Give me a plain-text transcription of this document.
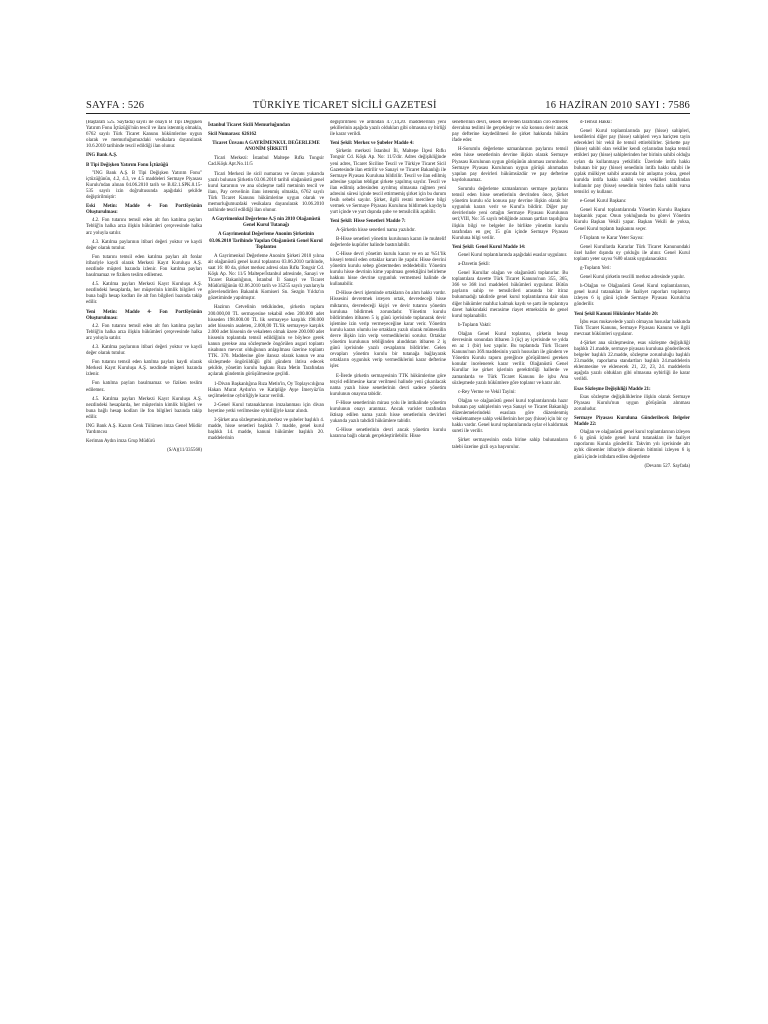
SAYFA : 526	TÜRKİYE TİCARET SİCİLİ GAZETESİ	16 HAZİRAN 2010 SAYI : 7586

(Baştarafı 525. Sayfada) sayılı ile onaylı B Tipi Değişken Yatırım Fonu İçtüzüğü'nün tescil ve ilanı istenmiş olmakla, 6762 sayılı Türk Ticaret Kanunu hükümlerine uygun olarak ve memurluğumuzdaki vesikalara dayanılarak 10.6.2010 tarihinde tescil edildiği ilan olunur.

ING Bank A.Ş.

B Tipi Değişken Yatırım Fonu İçtüzüğü

"ING Bank A.Ş. B Tipi Değişken Yatırım Fonu" içtüzüğünün, 4.2, 4.3, ve 4.5 maddeleri Sermaye Piyasası Kurulu'ndan alınan 04.06.2010 tarih ve B.02.1.SPK.0.15-535 sayılı izin doğrultusunda aşağıdaki şekilde değiştirilmiştir:

Eski Metin: Madde 4- Fon Portföyünün Oluşturulması:

4.2. Fon tutarını temsil eden alt fon katılma payları Tebliğ'in halka arza ilişkin hükümleri çerçevesinde halka arz yoluyla satılır.

4.3. Katılma paylarının itibari değeri yoktur ve kaydi değer olarak tutulur.

Fon tutarını temsil eden katılma payları alt fonlar itibariyle kaydi olarak Merkezi Kayıt Kuruluşu A.Ş. nezdinde müşteri bazında izlenir. Fon katılma payları basılmamaz ve fiziken teslim edilemez.

4.5. Katılma payları Merkezi Kayıt Kuruluşu A.Ş. nezdindeki hesaplarda, her müşterinin kimlik bilgileri ve buna bağlı hesap kodları ile alt fon bilgileri bazında takip edilir.

Yeni Metin: Madde 4- Fon Portföyünün Oluşturulması:

4.2. Fon tutarını temsil eden alt fon katılma payları Tebliğ'in halka arza ilişkin hükümleri çerçevesinde halka arz yoluyla satılır.

4.3. Katılma paylarının itibari değeri yoktur ve kaydi değer olarak tutulur.

Fon tutarını temsil eden katılma payları kaydi olarak Merkezi Kayıt Kuruluşu A.Ş. nezdinde müşteri bazında izlenir.

Fon katılma payları basılmamaz ve fiziken teslim edilemez.

4.5. Katılma payları Merkezi Kayıt Kuruluşu A.Ş. nezdindeki hesaplarda, her müşterinin kimlik bilgileri ve buna bağlı hesap kodları ile fon bilgileri bazında takip edilir.

ING Bank A.Ş. Kazım Cenk Tülümen imza Genel Müdür Yardımcısı

Keriman Aydın imza Grup Müdürü

(S/A)(11/335568)

İstanbul Ticaret Sicili Memurluğundan

Sicil Numarası: 626162

Ticaret Ünvanı A GAYRİMENKUL DEĞERLEME ANONİM ŞİRKETİ

Ticari Merkezi: İstanbul Maltepe Rıfkı Tongsir Cad.Köşk Apt.No.11/5

Ticari Merkezi ile sicil numarası ve ünvanı yukarıda yazılı bulunan Şirketin 03.06.2010 tarihli olağanüstü genel kurul kararının ve ana sözleşme tadil metninin tescil ve ilanı, Pay cetvelinin ilanı istenmiş olmakla, 6762 sayılı Türk Ticaret Kanunu hükümlerine uygun olarak ve memurluğumuzdaki vesikalara dayanılarak 10.06.2010 tarihinde tescil edildiği ilan olunur.

A Gayrimenkul Değerleme A.Ş nin 2010 Olağanüstü Genel Kurul Tutanağı

A Gayrimenkul Değerleme Anonim Şirketinin 03.06.2010 Tarihinde Yapılan Olağanüstü Genel Kurul Toplantısı

A Gayrimenkul Değerleme Anonim Şirketi 2010 yılına ait olağanüstü genel kurul toplantısı 03.06.2010 tarihinde, saat 16: 00 da, şirket merkez adresi olan Rıfkı Tongsir Cd. Köşk Ap. No: 11/5 Maltepe/İstanbul adresinde, Sanayi ve Ticaret Bakanlığının, İstanbul İl Sanayi ve Ticaret Müdürlüğünün 02.06.2010 tarih ve 35255 sayılı yazılarıyla görevlendirilen Bakanlık Komiseri Sn. Sezgin Yıldız'ın gözetiminde yapılmıştır.

Hazirun Cetvelinin tetkikinden, şirketin toplam 200.000,00 TL sermayesine tekabül eden 200.000 adet hisseden 198.000.00 TL lik sermayeye karşılık 198.000 adet hissenin asaleten, 2.000,00 TL'lik sermayeye karşılık 2.000 adet hissenin de vekaleten olmak üzere 200.000 adet hissenin toplantıda temsil edildiğinin ve böylece gerek kanun gerekse ana sözleşmede öngörülen asgari toplantı nisabının mevcut olduğunun anlaşılması üzerine toplantı TTK. 370. Maddesine göre ilansız olarak kanun ve ana sözleşmede öngörüldüğü gibi gündem ihtiva edecek şekilde, yönetim kurulu başkanı Rıza Metin Tarafından açılarak gündemin görüşülmesine geçildi.

1-Divan Başkanlığına Rıza Metin'in, Oy Toplayıcılığına Hakan Murat Aydın'ın ve Katipliğe Ayşe İmeryüz'ün seçilmelerine oybirliğiyle karar verildi.

2-Genel Kurul tutanaklarının imzalanması için divan heyetine yetki verilmesine oybirliğiyle karar alındı.

3-Şirket ana sözleşmesinin,merkez ve şubeler başlıklı 4. madde, hisse senetleri başlıklı 7. madde, genel kurul başlıklı 14. madde, kanuni hükümler başlıklı 20. maddelerinin

değiştirilmesi ve ardından 4.7,14,20. maddelerinin yeni şekillerinin aşağıda yazılı oldukları gibi olmasına oy birliği ile karar verildi.

Yeni Şekil: Merkez ve Şubeler Madde 4:

Şirketin merkezi İstanbul İli, Maltepe İlçesi Rıfkı Tongsir Cd. Köşk Ap. No: 11/5'dir. Adres değişikliğinde yeni adres, Ticaret Siciline Tescil ve Türkiye Ticaret Sicil Gazetesinde ilan ettirilir ve Sanayi ve Ticaret Bakanlığı ile Sermaye Piyasası Kuruluna bildirilir. Tescil ve ilan edilmiş adresine yapılan tebligat şirkete yapılmış sayılır. Tescil ve ilan edilmiş adresinden ayrılmış olmasına rağmen yeni adresini süresi içinde tescil ettirmemiş şirket için bu durum fesih sebebi sayılır. Şirket, ilgili resmi mercilere bilgi vermek ve Sermaye Piyasası Kurulunu bildirmek kaydıyla yurt içinde ve yurt dışında şube ve temsilcilik açabilir.

Yeni Şekil: Hisse Senetleri Madde 7:

A-Şirketin hisse senetleri nama yazılıdır.

B-Hisse senetleri yönetim kurulunun kararı ile muhtelif değerlerde kupürler halinde bastırılabilir.

C-Hisse devri yönetim kurulu kararı ve en az %51'lik hisseyi temsil eden ortaklar kararı ile yapılır. Hisse devrini yönetim kurulu sebep göstermeden reddedebilir. Yönetim kurulu hisse devrinin kime yapılması gerektiğini belirleme hakkını hisse devrine uygunluk vermemesi halinde de kullanabilir.

D-Hisse devri işleminde ortakların ön alım hakkı vardır. Hissesini devretmek isteyen ortak, devredeceği hisse miktarını, devredeceği kişiyi ve devir tutarını yönetim kuruluna bildirmek zorundadır. Yönetim kurulu bildirimden itibaren 5 iş günü içerisinde toplanarak devir işlemine izin verip vermeyeceğine karar verir. Yönetim kurulu kararı olumlu ise ortaklara yazılı olarak mümessilin devre ilişkin izin verip vermediklerini sorulur. Ortaklar yönetim kurulunun tebliğinden alındıktan itibaren 2 iş günü içerisinde yazılı cevaplarını bildirirler. Gelen cevapları yönetim kurulu bir tutanağa bağlayarak ortakların oygunluk verip vermediklerini karar defterine işler.

E-İlerde şirketin sermayesinin TTK hükümlerine göre tezyid edilmesine karar verilmesi halinde yeni çıkarılacak nama yazılı hisse senetlerinin devri sadece yönetim kurulunun onayına tabidir.

F-Hisse senetlerinin mirası yolu ile intikalinde yönetim kurulunun onayı aranmaz. Ancak varisler tarafından iktisap edilen nama yazılı hisse senetlerinin devirleri yukarıda yazılı tahdidi hükümlere tabidir.

G-Hisse senetlerinin devri ancak yönetim kurulu kararına bağlı olarak gerçekleştirilebilir. Hisse

senetlerinin devri, senedi devreden tarafından ciro edilerek devralına teslimi ile gerçekleşir ve söz konusu devir ancak pay defterine kaydedilmesi ile şirket hakkında hüküm ifade eder.

H-Sorumlu değerleme uzmanlarının paylarını temsil eden hisse senetlerinin devrine ilişkin olarak Sermaye Piyasası Kurulunun uygun görüşünün alınması zorunludur. Sermaye Piyasası Kurulunun uygun görüşü alınmadan yapılan pay devirleri hükümsüzdür ve pay defterine kaydolunamaz.

Sorumlu değerleme uzmanlarının sermaye paylarını temsil eden hisse senetlerinin devrinden önce, Şirket yönetim kurulu söz konusu pay devrine ilişkin olarak bir uygunluk kararı verir ve Kurul'a bildirir. Diğer pay devirlerinde yeni ortağın Sermaye Piyasası Kurulunun seri;VIII, No: 35 sayılı tebliğinde aranan şartları taşıdığına ilişkin bilgi ve belgeler ile birlikte yönetim kurulu tarafından en geç 15 gün içinde Sermaye Piyasası Kuruluna bilgi verilir.

Yeni Şekil: Genel Kurul Madde 14:

Genel Kurul toplantılarında aşağıdaki esaslar uygulanır.

a-Davetin Şekli:

Genel Kurullar olağan ve olağanüstü toplanırlar. Bu toplantılara davette Türk Ticaret Kanunu'nun 355, 365, 366 ve 368 inci maddeleri hükümleri uygulanır. Bütün payların sahip ve temsilcileri arasında bir itiraz bulunmadığı takdirde genel kurul toplantılarına dair olan diğer hükümler mahfuz kalmak kaydı ve şartı ile toplantıya davet hakkındaki merasime riayet etmeksizin de genel kurul toplanabilir.

b-Toplantı Vakti:

Olağan Genel Kurul toplantısı, şirketin hesap devresinin sonundan itibaren 3 (üç) ay içerisinde ve yılda en az 1 (bir) kez yapılır. Bu toplantıda Türk Ticaret Kanunu'nun 369.maddesinin yazılı hususları ile gündem ve Yönetim Kurulu raporu gereğince görüşülmesi gereken konular incelenerek karar verilir. Olağanüstü Genel Kurullar ise şirket işlerinin gerektirdiği hallerde ve zamanlarda ve Türk Ticaret Kanunu ile işbu Ana sözleşmede yazılı hükümlere göre toplanır ve karar alır.

c-Rey Verme ve Vekil Tayini:

Olağan ve olağanüstü genel kurul toplantılarında hazır bulunan pay sahiplerinin veya Sanayi ve Ticaret Bakanlığı düzenlemelerindeki esaslara göre düzenlenmiş vekaletnameye sahip vekillerinin her pay (hisse) için bir oy hakkı vardır. Genel kurul toplantılarında oylar el kaldırmak sureti ile verilir.

Şirket sermayesinin onda birine sahip bulunanların talebi üzerine gizli oya başvurulur.

d-Temsil Hakkı:

Genel Kurul toplantılarında pay (hisse) sahipleri, kendilerini diğer pay (hisse) sahipleri veya hariçten tayin edecekleri bir vekil ile temsil ettirebilirler. Şirkette pay (hisse) sahibi olan vekiller kendi oylarından başka temsil ettikleri pay (hisse) sahiplerinden her birinin sahibi olduğu oyları da kullanmaya yetkilidir. Üzerinde intifa hakkı bulunan bir pay (hisse) senedinin intifa hakkı sahibi ile çıplak mülkiyet sahibi arasında bir anlaşma yoksa, genel kurulda intifa hakkı sahibi veya vekilleri tarafından kullanılır pay (hisse) senedinin birden fazla sahibi varsa temsilci oy kullanır.

e-Genel Kurul Başkanı:

Genel Kurul toplantılarında Yönetim Kurulu Başkanı başkanlık yapar. Onun yokluğunda bu görevi Yönetim Kurulu Başkan Vekili yapar. Başkan Vekili de yoksa, Genel Kurul toplantı başkanını seçer.

f-Toplantı ve Karar Yeter Sayısı:

Genel Kurullarda Kararlar Türk Ticaret Kanunundaki özel haller dışında oy çokluğu ile alınır. Genel Kurul toplantı yeter sayısı %80 olarak uygulanacaktır.

g-Toplantı Yeri:

Genel Kurul şirketin tescilli merkez adresinde yapılır.

h-Olağan ve Olağanüstü Genel Kurul toplantılarının, genel kurul tutanakları ile faaliyet raporları toplantıyı izleyen 6 iş günü içinde Sermaye Piyasası Kurulu'na gönderilir.

Yeni Şekil Kanuni Hükümler Madde 20:

İşbu esas mukavelede yazılı olmayan hususlar hakkında Türk Ticaret Kanunu, Sermaye Piyasası Kanunu ve ilgili mevzuat hükümleri uygulanır.

4-Şirket ana sözleşmesine, esas sözleşme değişikliği başlıklı 21.madde, sermaye piyasası kuruluna gönderilecek belgeler başlıklı 22.madde, sözleşme zorunluluğu başlıklı 23.madde, raporlama standartları başlıklı 24.maddelerin eklenmesine ve eklenecek 21, 22, 23, 24. maddelerin aşağıda yazılı oldukları gibi olmasına oybirliği ile karar verildi.

Esas Sözleşme Değişikliği Madde 21:

Esas sözleşme değişikliklerine ilişkin olarak Sermaye Piyasası Kurulu'nun uygun görüşünün alınması zorunludur.

Sermaye Piyasası Kuruluna Gönderilecek Belgeler Madde 22:

Olağan ve olağanüstü genel kurul toplantılarının izleyen 6 iş günü içinde genel kurul tutanakları ile faaliyet raporlarını Kurula gönderilir. Takvim yılı içerisinde altı aylık dönemler itibariyle dönemin bitimini izleyen 6 iş günü içinde istihdam edilen değerleme

(Devamı 527. Sayfada)
